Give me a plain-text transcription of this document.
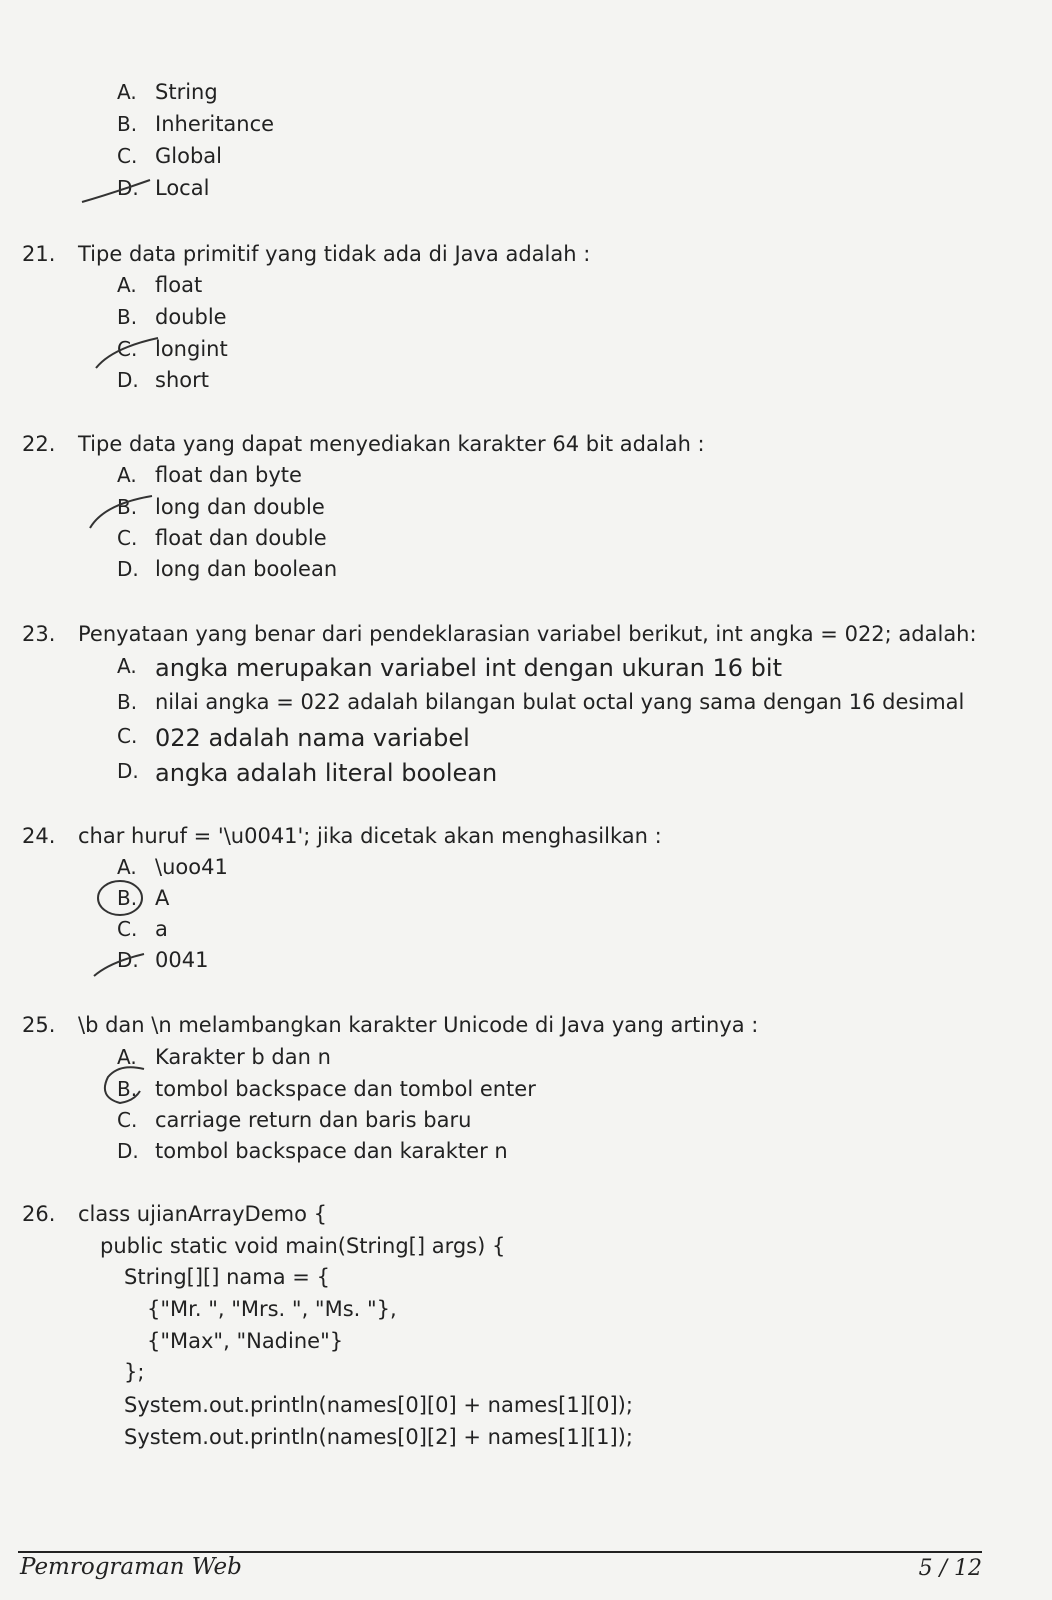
A. String
B. Inheritance
C. Global
D. Local
21. Tipe data primitif yang tidak ada di Java adalah :
A. float
B. double
C. longint
D. short
22. Tipe data yang dapat menyediakan karakter 64 bit adalah :
A. float dan byte
B. long dan double
C. float dan double
D. long dan boolean
23. Penyataan yang benar dari pendeklarasian variabel berikut, int angka = 022; adalah:
A. angka merupakan variabel int dengan ukuran 16 bit
B. nilai angka = 022 adalah bilangan bulat octal yang sama dengan 16 desimal
C. 022 adalah nama variabel
D. angka adalah literal boolean
24. char huruf = '\u0041'; jika dicetak akan menghasilkan :
A. \uoo41
B. A
C. a
D. 0041
25. \b dan \n melambangkan karakter Unicode di Java yang artinya :
A. Karakter b dan n
B. tombol backspace dan tombol enter
C. carriage return dan baris baru
D. tombol backspace dan karakter n
26. class ujianArrayDemo {
public static void main(String[] args) {
String[][] nama = {
{"Mr. ", "Mrs. ", "Ms. "},
{"Max", "Nadine"}
};
System.out.println(names[0][0] + names[1][0]);
System.out.println(names[0][2] + names[1][1]);
Pemrograman Web	5 / 12
